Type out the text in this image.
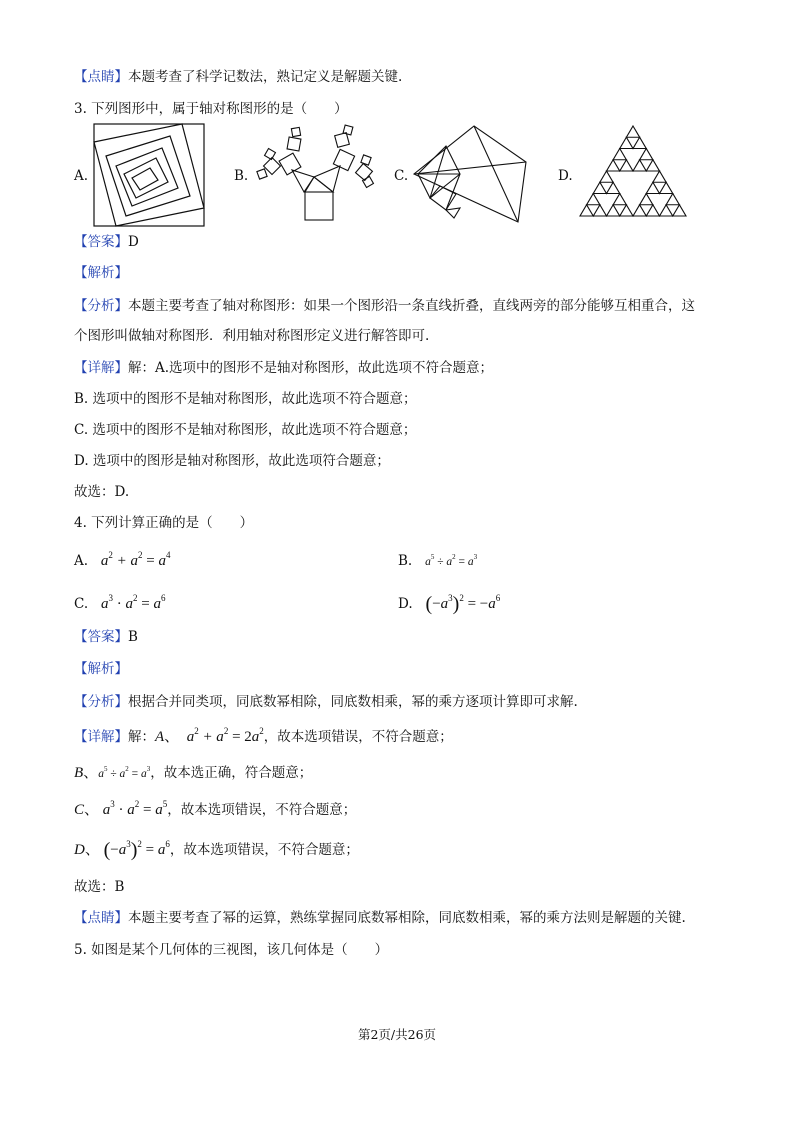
【点睛】本题考查了科学记数法，熟记定义是解题关键.
3. 下列图形中，属于轴对称图形的是（　　）
A.	B.	C.	D.
【答案】D
【解析】
【分析】本题主要考查了轴对称图形：如果一个图形沿一条直线折叠，直线两旁的部分能够互相重合，这
个图形叫做轴对称图形．利用轴对称图形定义进行解答即可.
【详解】解：A.选项中的图形不是轴对称图形，故此选项不符合题意；
B. 选项中的图形不是轴对称图形，故此选项不符合题意；
C. 选项中的图形不是轴对称图形，故此选项不符合题意；
D. 选项中的图形是轴对称图形，故此选项符合题意；
故选：D.
4. 下列计算正确的是（　　）
A. $a^2 + a^2 = a^4$	B. $a^5 \div a^2 = a^3$
C. $a^3 \cdot a^2 = a^6$	D. $(-a^3)^2 = -a^6$
【答案】B
【解析】
【分析】根据合并同类项，同底数幂相除，同底数相乘，幂的乘方逐项计算即可求解.
【详解】解：A、  $a^2 + a^2 = 2a^2$，故本选项错误，不符合题意；
B、$a^5 \div a^2 = a^3$，故本选正确，符合题意；
C、 $a^3 \cdot a^2 = a^5$，故本选项错误，不符合题意；
D、 $(-a^3)^2 = a^6$，故本选项错误，不符合题意；
故选：B
【点睛】本题主要考查了幂的运算，熟练掌握同底数幂相除，同底数相乘，幂的乘方法则是解题的关键.
5. 如图是某个几何体的三视图，该几何体是（　　）
第2页/共26页
